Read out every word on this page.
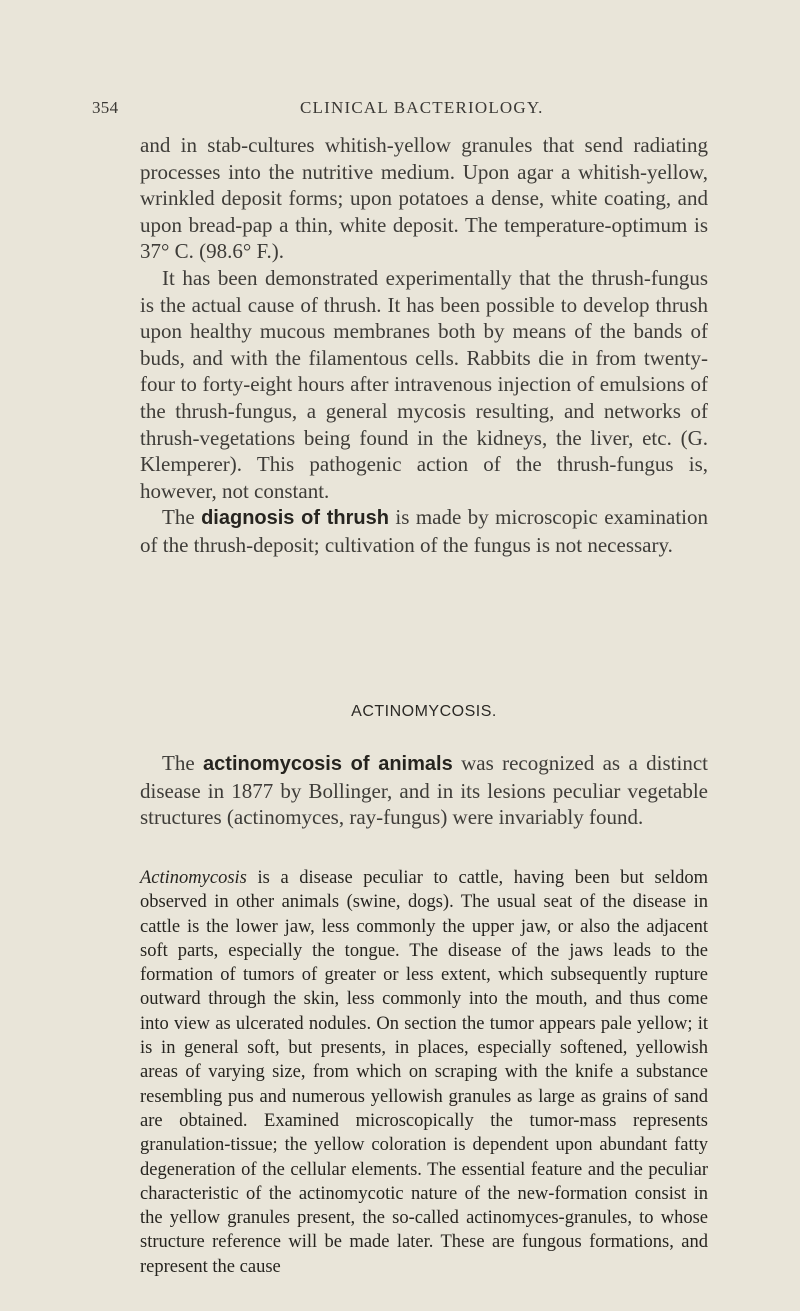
354	CLINICAL BACTERIOLOGY.

and in stab-cultures whitish-yellow granules that send radiating processes into the nutritive medium. Upon agar a whitish-yellow, wrinkled deposit forms; upon potatoes a dense, white coating, and upon bread-pap a thin, white deposit. The temperature-optimum is 37° C. (98.6° F.).

It has been demonstrated experimentally that the thrush-fungus is the actual cause of thrush. It has been possible to develop thrush upon healthy mucous membranes both by means of the bands of buds, and with the filamentous cells. Rabbits die in from twenty-four to forty-eight hours after intravenous injection of emulsions of the thrush-fungus, a general mycosis resulting, and networks of thrush-vegetations being found in the kidneys, the liver, etc. (G. Klemperer). This pathogenic action of the thrush-fungus is, however, not constant.

The diagnosis of thrush is made by microscopic examination of the thrush-deposit; cultivation of the fungus is not necessary.

ACTINOMYCOSIS.

The actinomycosis of animals was recognized as a distinct disease in 1877 by Bollinger, and in its lesions peculiar vegetable structures (actinomyces, ray-fungus) were invariably found.

Actinomycosis is a disease peculiar to cattle, having been but seldom observed in other animals (swine, dogs). The usual seat of the disease in cattle is the lower jaw, less commonly the upper jaw, or also the adjacent soft parts, especially the tongue. The disease of the jaws leads to the formation of tumors of greater or less extent, which subsequently rupture outward through the skin, less commonly into the mouth, and thus come into view as ulcerated nodules. On section the tumor appears pale yellow; it is in general soft, but presents, in places, especially softened, yellowish areas of varying size, from which on scraping with the knife a substance resembling pus and numerous yellowish granules as large as grains of sand are obtained. Examined microscopically the tumor-mass represents granulation-tissue; the yellow coloration is dependent upon abundant fatty degeneration of the cellular elements. The essential feature and the peculiar characteristic of the actinomycotic nature of the new-formation consist in the yellow granules present, the so-called actinomyces-granules, to whose structure reference will be made later. These are fungous formations, and represent the cause
